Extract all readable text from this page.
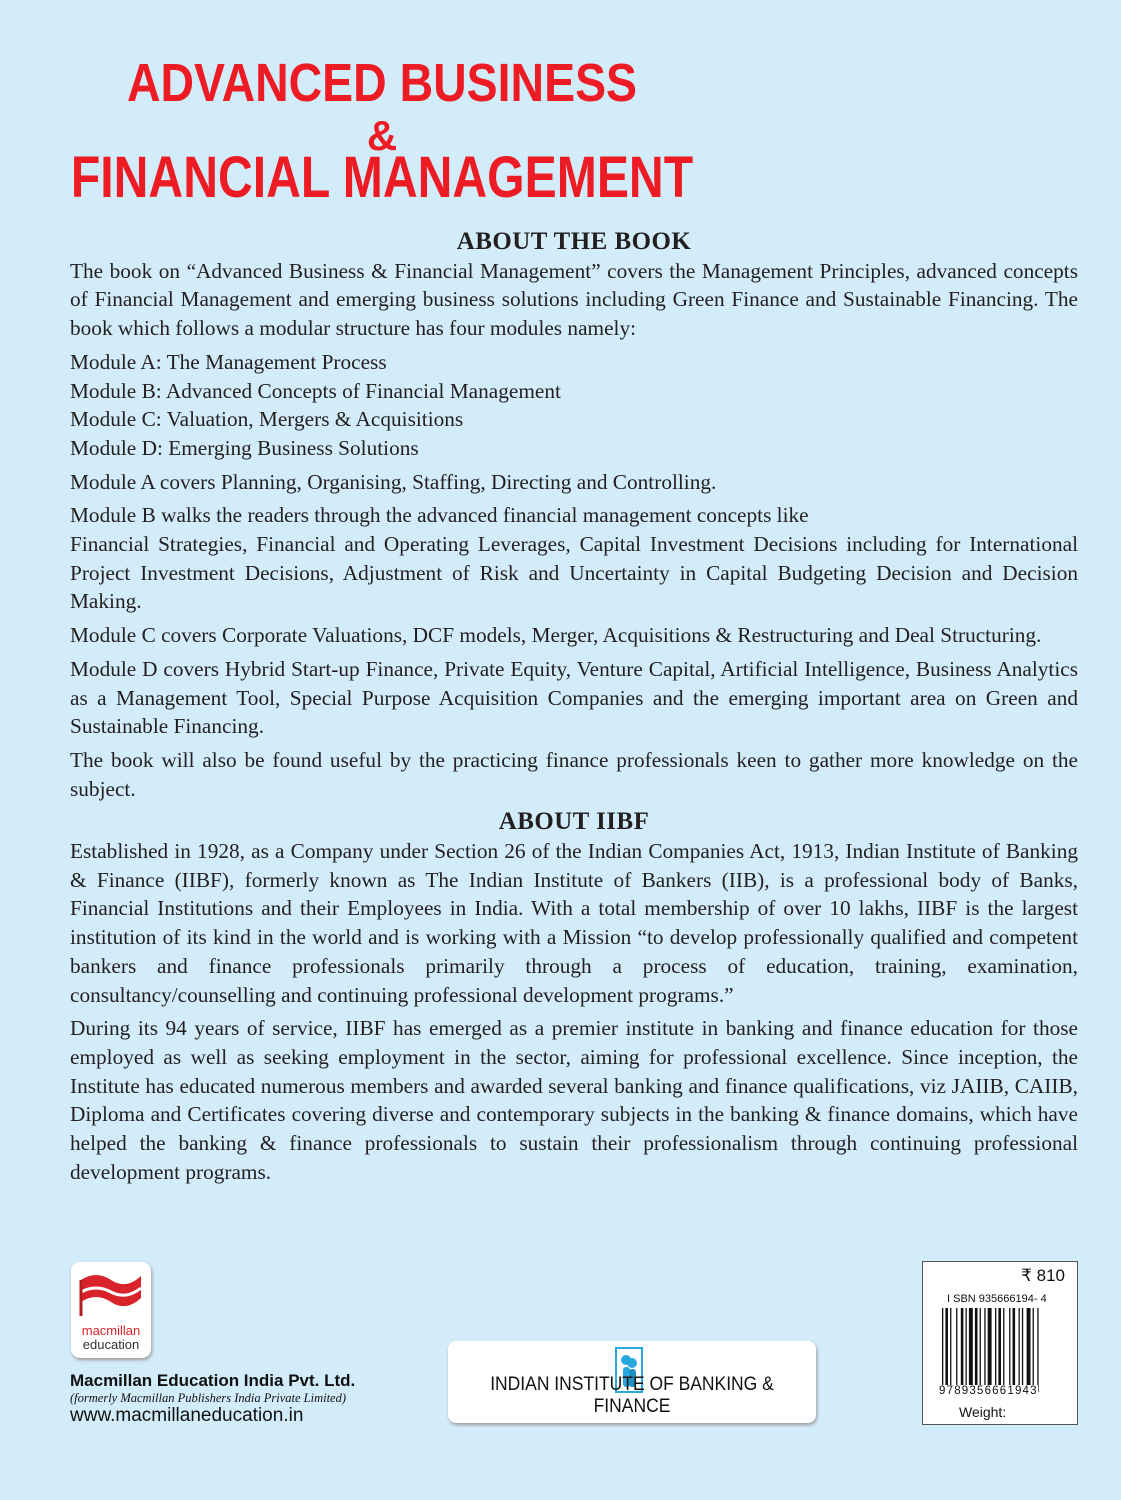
ADVANCED BUSINESS
&
FINANCIAL MANAGEMENT
ABOUT THE BOOK

The book on “Advanced Business & Financial Management” covers the Management Principles, advanced concepts of Financial Management and emerging business solutions including Green Finance and Sustainable Financing. The book which follows a modular structure has four modules namely:

Module A: The Management Process
Module B: Advanced Concepts of Financial Management
Module C: Valuation, Mergers & Acquisitions
Module D: Emerging Business Solutions

Module A covers Planning, Organising, Staffing, Directing and Controlling.

Module B walks the readers through the advanced financial management concepts like

Financial Strategies, Financial and Operating Leverages, Capital Investment Decisions including for International Project Investment Decisions, Adjustment of Risk and Uncertainty in Capital Budgeting Decision and Decision Making.

Module C covers Corporate Valuations, DCF models, Merger, Acquisitions & Restructuring and Deal Structuring.

Module D covers Hybrid Start-up Finance, Private Equity, Venture Capital, Artificial Intelligence, Business Analytics as a Management Tool, Special Purpose Acquisition Companies and the emerging important area on Green and Sustainable Financing.

The book will also be found useful by the practicing finance professionals keen to gather more knowledge on the subject.

ABOUT IIBF

Established in 1928, as a Company under Section 26 of the Indian Companies Act, 1913, Indian Institute of Banking & Finance (IIBF), formerly known as The Indian Institute of Bankers (IIB), is a professional body of Banks, Financial Institutions and their Employees in India. With a total membership of over 10 lakhs, IIBF is the largest institution of its kind in the world and is working with a Mission “to develop professionally qualified and competent bankers and finance professionals primarily through a process of education, training, examination, consultancy/counselling and continuing professional development programs.”

During its 94 years of service, IIBF has emerged as a premier institute in banking and finance education for those employed as well as seeking employment in the sector, aiming for professional excellence. Since inception, the Institute has educated numerous members and awarded several banking and finance qualifications, viz JAIIB, CAIIB, Diploma and Certificates covering diverse and contemporary subjects in the banking & finance domains, which have helped the banking & finance professionals to sustain their professionalism through continuing professional development programs.

macmillan
education
Macmillan Education India Pvt. Ltd.
(formerly Macmillan Publishers India Private Limited)
www.macmillaneducation.in
INDIAN INSTITUTE OF BANKING & FINANCE
₹ 810
I SBN 935666194- 4
9789356661943
Weight:
